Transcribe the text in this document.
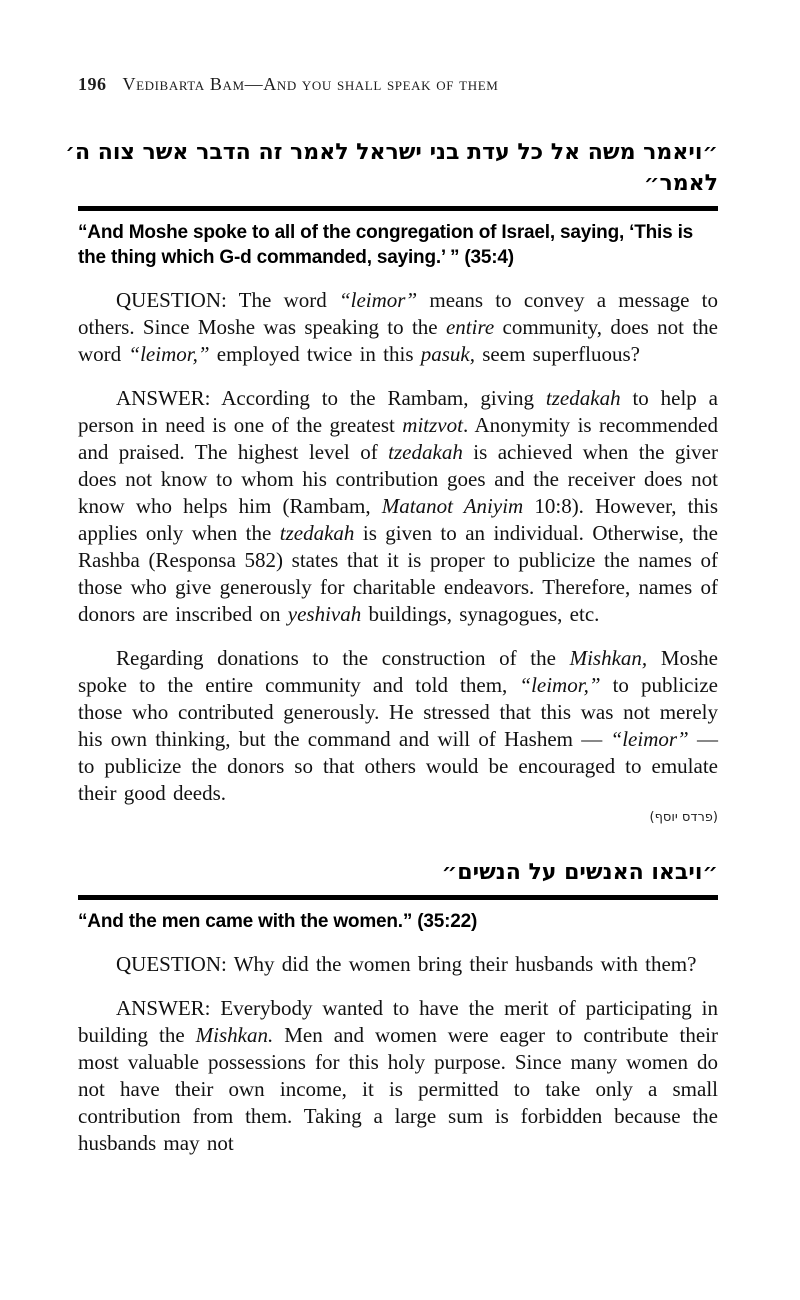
196 Vedibarta Bam—And you shall speak of them
״ויאמר משה אל כל עדת בני ישראל לאמר זה הדבר אשר צוה ה׳
לאמר״
“And Moshe spoke to all of the congregation of Israel, saying, ‘This is the thing which G-d commanded, saying.’ ” (35:4)

QUESTION: The word “leimor” means to convey a message to others. Since Moshe was speaking to the entire community, does not the word “leimor,” employed twice in this pasuk, seem superfluous?

ANSWER: According to the Rambam, giving tzedakah to help a person in need is one of the greatest mitzvot. Anonymity is recommended and praised. The highest level of tzedakah is achieved when the giver does not know to whom his contribution goes and the receiver does not know who helps him (Rambam, Matanot Aniyim 10:8). However, this applies only when the tzedakah is given to an individual. Otherwise, the Rashba (Responsa 582) states that it is proper to publicize the names of those who give generously for charitable endeavors. Therefore, names of donors are inscribed on yeshivah buildings, synagogues, etc.

Regarding donations to the construction of the Mishkan, Moshe spoke to the entire community and told them, “leimor,” to publicize those who contributed generously. He stressed that this was not merely his own thinking, but the command and will of Hashem — “leimor” — to publicize the donors so that others would be encouraged to emulate their good deeds.

(פרדס יוסף)
״ויבאו האנשים על הנשים״
“And the men came with the women.” (35:22)

QUESTION: Why did the women bring their husbands with them?

ANSWER: Everybody wanted to have the merit of participating in building the Mishkan. Men and women were eager to contribute their most valuable possessions for this holy purpose. Since many women do not have their own income, it is permitted to take only a small contribution from them. Taking a large sum is forbidden because the husbands may not
